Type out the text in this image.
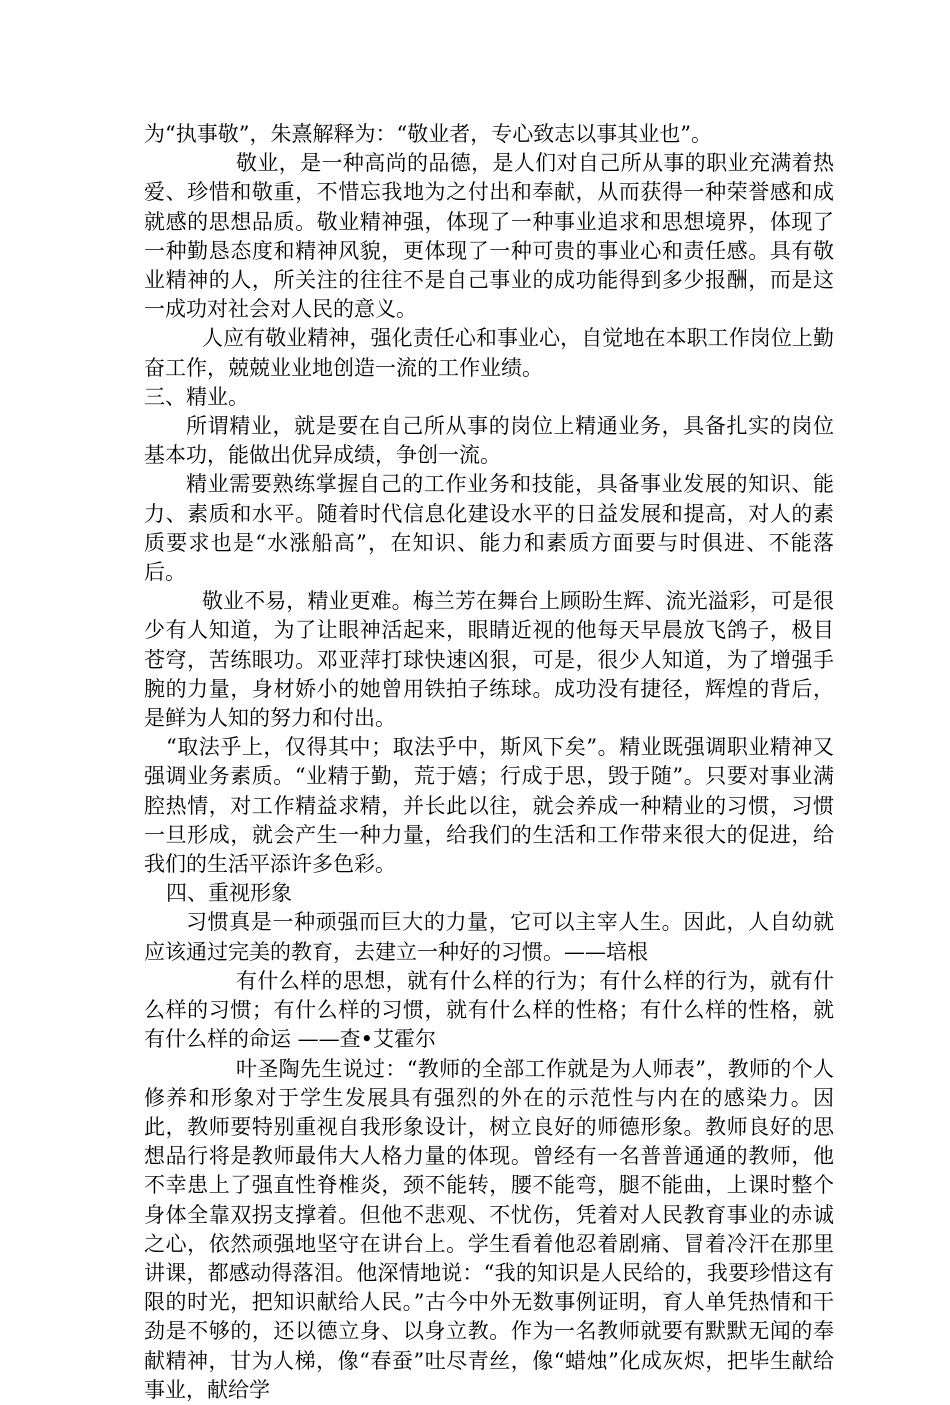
为“执事敬”，朱熹解释为：“敬业者，专心致志以事其业也”。

敬业，是一种高尚的品德，是人们对自己所从事的职业充满着热爱、珍惜和敬重，不惜忘我地为之付出和奉献，从而获得一种荣誉感和成就感的思想品质。敬业精神强，体现了一种事业追求和思想境界，体现了一种勤恳态度和精神风貌，更体现了一种可贵的事业心和责任感。具有敬业精神的人，所关注的往往不是自己事业的成功能得到多少报酬，而是这一成功对社会对人民的意义。

人应有敬业精神，强化责任心和事业心，自觉地在本职工作岗位上勤奋工作，兢兢业业地创造一流的工作业绩。

三、精业。

所谓精业，就是要在自己所从事的岗位上精通业务，具备扎实的岗位基本功，能做出优异成绩，争创一流。

精业需要熟练掌握自己的工作业务和技能，具备事业发展的知识、能力、素质和水平。随着时代信息化建设水平的日益发展和提高，对人的素质要求也是“水涨船高”，在知识、能力和素质方面要与时俱进、不能落后。

敬业不易，精业更难。梅兰芳在舞台上顾盼生辉、流光溢彩，可是很少有人知道，为了让眼神活起来，眼睛近视的他每天早晨放飞鸽子，极目苍穹，苦练眼功。邓亚萍打球快速凶狠，可是，很少人知道，为了增强手腕的力量，身材娇小的她曾用铁拍子练球。成功没有捷径，辉煌的背后，是鲜为人知的努力和付出。

“取法乎上，仅得其中；取法乎中，斯风下矣”。精业既强调职业精神又强调业务素质。“业精于勤，荒于嬉；行成于思，毁于随”。只要对事业满腔热情，对工作精益求精，并长此以往，就会养成一种精业的习惯，习惯一旦形成，就会产生一种力量，给我们的生活和工作带来很大的促进，给我们的生活平添许多色彩。

四、重视形象

习惯真是一种顽强而巨大的力量，它可以主宰人生。因此，人自幼就应该通过完美的教育，去建立一种好的习惯。——培根

有什么样的思想，就有什么样的行为；有什么样的行为，就有什么样的习惯；有什么样的习惯，就有什么样的性格；有什么样的性格，就有什么样的命运 ——查•艾霍尔

叶圣陶先生说过：“教师的全部工作就是为人师表”，教师的个人修养和形象对于学生发展具有强烈的外在的示范性与内在的感染力。因此，教师要特别重视自我形象设计，树立良好的师德形象。教师良好的思想品行将是教师最伟大人格力量的体现。曾经有一名普普通通的教师，他不幸患上了强直性脊椎炎，颈不能转，腰不能弯，腿不能曲，上课时整个身体全靠双拐支撑着。但他不悲观、不忧伤，凭着对人民教育事业的赤诚之心，依然顽强地坚守在讲台上。学生看着他忍着剧痛、冒着冷汗在那里讲课，都感动得落泪。他深情地说：“我的知识是人民给的，我要珍惜这有限的时光，把知识献给人民。”古今中外无数事例证明，育人单凭热情和干劲是不够的，还以德立身、以身立教。作为一名教师就要有默默无闻的奉献精神，甘为人梯，像“春蚕”吐尽青丝，像“蜡烛”化成灰烬，把毕生献给事业，献给学
